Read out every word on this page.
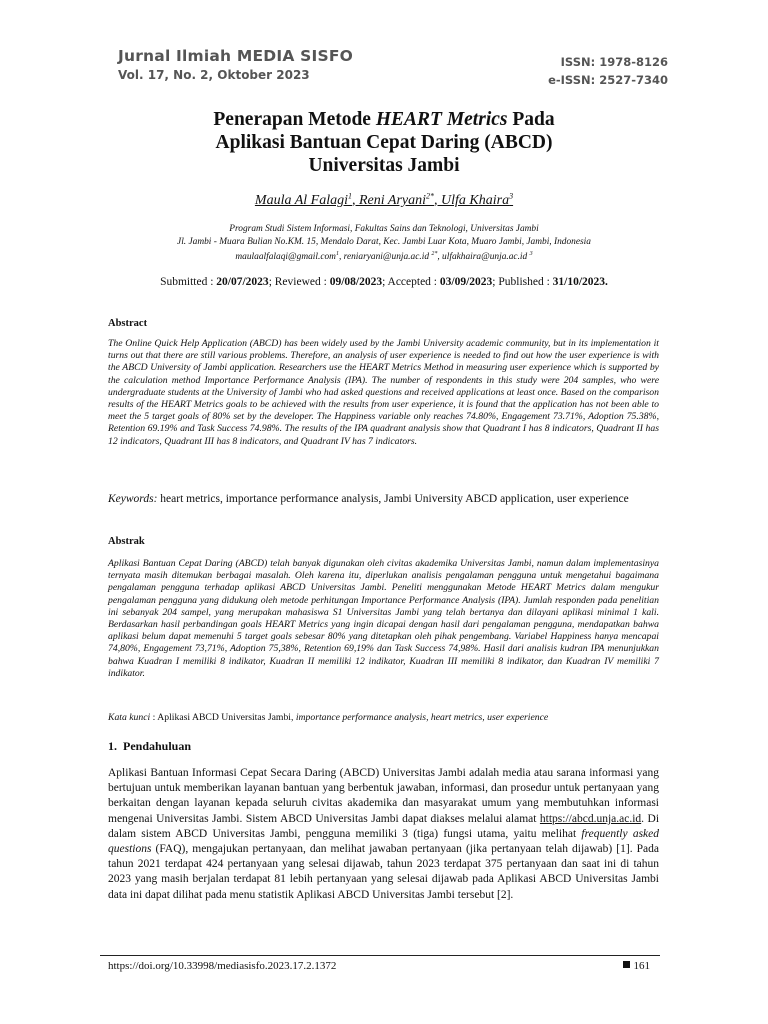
Jurnal Ilmiah MEDIA SISFO
Vol. 17, No. 2, Oktober 2023
ISSN: 1978-8126
e-ISSN: 2527-7340
Penerapan Metode HEART Metrics Pada
Aplikasi Bantuan Cepat Daring (ABCD)
Universitas Jambi
Maula Al Falagi$^1$, Reni Aryani$^{2*}$, Ulfa Khaira$^3$
Program Studi Sistem Informasi, Fakultas Sains dan Teknologi, Universitas Jambi
Jl. Jambi - Muara Bulian No.KM. 15, Mendalo Darat, Kec. Jambi Luar Kota, Muaro Jambi, Jambi, Indonesia
maulaalfalaqi@gmail.com$^1$, reniaryani@unja.ac.id $^{2*}$, ulfakhaira@unja.ac.id $^3$
Submitted : 20/07/2023; Reviewed : 09/08/2023; Accepted : 03/09/2023; Published : 31/10/2023.
Abstract
The Online Quick Help Application (ABCD) has been widely used by the Jambi University academic community, but in its implementation it turns out that there are still various problems. Therefore, an analysis of user experience is needed to find out how the user experience is with the ABCD University of Jambi application. Researchers use the HEART Metrics Method in measuring user experience which is supported by the calculation method Importance Performance Analysis (IPA). The number of respondents in this study were 204 samples, who were undergraduate students at the University of Jambi who had asked questions and received applications at least once. Based on the comparison results of the HEART Metrics goals to be achieved with the results from user experience, it is found that the application has not been able to meet the 5 target goals of 80% set by the developer. The Happiness variable only reaches 74.80%, Engagement 73.71%, Adoption 75.38%, Retention 69.19% and Task Success 74.98%. The results of the IPA quadrant analysis show that Quadrant I has 8 indicators, Quadrant II has 12 indicators, Quadrant III has 8 indicators, and Quadrant IV has 7 indicators.
Keywords: heart metrics, importance performance analysis, Jambi University ABCD application, user experience
Abstrak
Aplikasi Bantuan Cepat Daring (ABCD) telah banyak digunakan oleh civitas akademika Universitas Jambi, namun dalam implementasinya ternyata masih ditemukan berbagai masalah. Oleh karena itu, diperlukan analisis pengalaman pengguna untuk mengetahui bagaimana pengalaman pengguna terhadap aplikasi ABCD Universitas Jambi. Peneliti menggunakan Metode HEART Metrics dalam mengukur pengalaman pengguna yang didukung oleh metode perhitungan Importance Performance Analysis (IPA). Jumlah responden pada penelitian ini sebanyak 204 sampel, yang merupakan mahasiswa S1 Universitas Jambi yang telah bertanya dan dilayani aplikasi minimal 1 kali. Berdasarkan hasil perbandingan goals HEART Metrics yang ingin dicapai dengan hasil dari pengalaman pengguna, mendapatkan bahwa aplikasi belum dapat memenuhi 5 target goals sebesar 80% yang ditetapkan oleh pihak pengembang. Variabel Happiness hanya mencapai 74,80%, Engagement 73,71%, Adoption 75,38%, Retention 69,19% dan Task Success 74,98%. Hasil dari analisis kudran IPA menunjukkan bahwa Kuadran I memiliki 8 indikator, Kuadran II memiliki 12 indikator, Kuadran III memiliki 8 indikator, dan Kuadran IV memiliki 7 indikator.
Kata kunci : Aplikasi ABCD Universitas Jambi, importance performance analysis, heart metrics, user experience
1. Pendahuluan
Aplikasi Bantuan Informasi Cepat Secara Daring (ABCD) Universitas Jambi adalah media atau sarana informasi yang bertujuan untuk memberikan layanan bantuan yang berbentuk jawaban, informasi, dan prosedur untuk pertanyaan yang berkaitan dengan layanan kepada seluruh civitas akademika dan masyarakat umum yang membutuhkan informasi mengenai Universitas Jambi. Sistem ABCD Universitas Jambi dapat diakses melalui alamat https://abcd.unja.ac.id. Di dalam sistem ABCD Universitas Jambi, pengguna memiliki 3 (tiga) fungsi utama, yaitu melihat frequently asked questions (FAQ), mengajukan pertanyaan, dan melihat jawaban pertanyaan (jika pertanyaan telah dijawab) [1]. Pada tahun 2021 terdapat 424 pertanyaan yang selesai dijawab, tahun 2023 terdapat 375 pertanyaan dan saat ini di tahun 2023 yang masih berjalan terdapat 81 lebih pertanyaan yang selesai dijawab pada Aplikasi ABCD Universitas Jambi data ini dapat dilihat pada menu statistik Aplikasi ABCD Universitas Jambi tersebut [2].
https://doi.org/10.33998/mediasisfo.2023.17.2.1372	161
